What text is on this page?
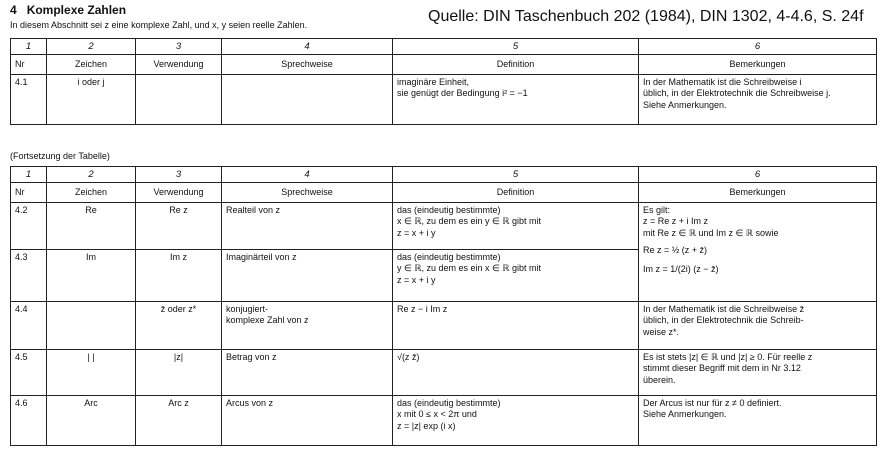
4 Komplexe Zahlen
In diesem Abschnitt sei z eine komplexe Zahl, und x, y seien reelle Zahlen.	Quelle: DIN Taschenbuch 202 (1984), DIN 1302, 4-4.6, S. 24f
1	2	3	4	5	6
Nr	Zeichen	Verwendung	Sprechweise	Definition	Bemerkungen
4.1	i oder j			imaginäre Einheit,
sie genügt der Bedingung i² = −1	In der Mathematik ist die Schreibweise i
üblich, in der Elektrotechnik die Schreibweise j.
Siehe Anmerkungen.
(Fortsetzung der Tabelle)
1	2	3	4	5	6
Nr	Zeichen	Verwendung	Sprechweise	Definition	Bemerkungen
4.2	Re	Re z	Realteil von z	das (eindeutig bestimmte)
x ∈ ℝ, zu dem es ein y ∈ ℝ gibt mit
z = x + i y	Es gilt:
z = Re z + i Im z
mit Re z ∈ ℝ und Im z ∈ ℝ sowie
Re z = ½ (z + z̄)
Im z = 1/(2i) (z − z̄)

4.3	Im	Im z	Imaginärteil von z	das (eindeutig bestimmte)
y ∈ ℝ, zu dem es ein x ∈ ℝ gibt mit
z = x + i y	

4.4		z̄ oder z*	konjugiert-
komplexe Zahl von z	Re z − i Im z	In der Mathematik ist die Schreibweise z̄
üblich, in der Elektrotechnik die Schreib-
weise z*.

4.5	| |	|z|	Betrag von z	√(z z̄)	Es ist stets |z| ∈ ℝ und |z| ≥ 0. Für reelle z
stimmt dieser Begriff mit dem in Nr 3.12
überein.

4.6	Arc	Arc z	Arcus von z	das (eindeutig bestimmte)
x mit 0 ≤ x < 2π und
z = |z| exp (i x)	Der Arcus ist nur für z ≠ 0 definiert.
Siehe Anmerkungen.
